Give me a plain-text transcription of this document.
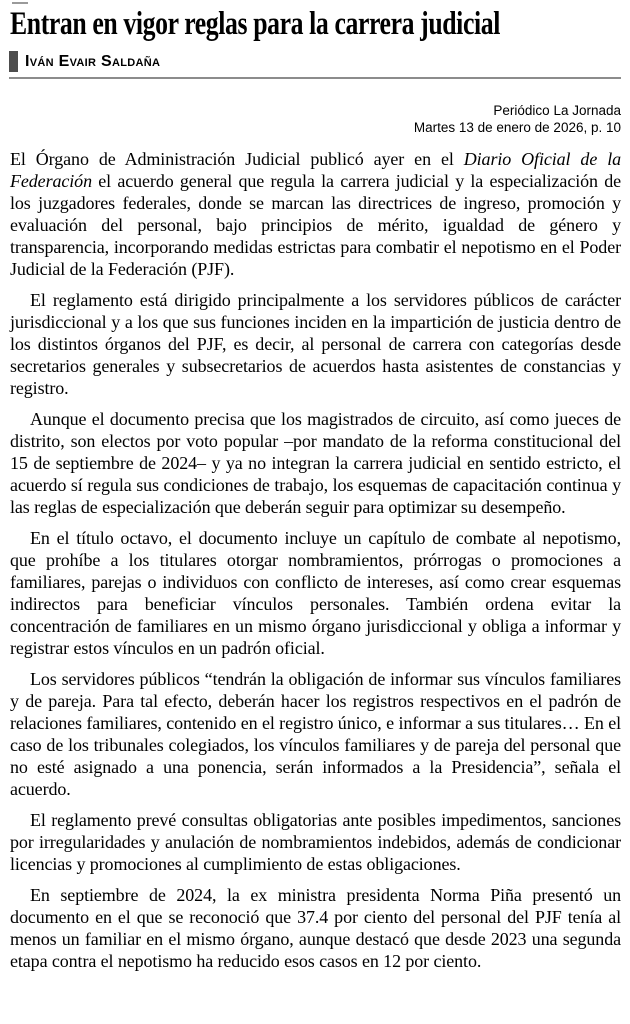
Entran en vigor reglas para la carrera judicial
Iván Evair Saldaña
Periódico La Jornada
Martes 13 de enero de 2026, p. 10

El Órgano de Administración Judicial publicó ayer en el Diario Oficial de la Federación el acuerdo general que regula la carrera judicial y la especialización de los juzgadores federales, donde se marcan las directrices de ingreso, promoción y evaluación del personal, bajo principios de mérito, igualdad de género y transparencia, incorporando medidas estrictas para combatir el nepotismo en el Poder Judicial de la Federación (PJF).

El reglamento está dirigido principalmente a los servidores públicos de carácter jurisdiccional y a los que sus funciones inciden en la impartición de justicia dentro de los distintos órganos del PJF, es decir, al personal de carrera con categorías desde secretarios generales y subsecretarios de acuerdos hasta asistentes de constancias y registro.

Aunque el documento precisa que los magistrados de circuito, así como jueces de distrito, son electos por voto popular –por mandato de la reforma constitucional del 15 de septiembre de 2024– y ya no integran la carrera judicial en sentido estricto, el acuerdo sí regula sus condiciones de trabajo, los esquemas de capacitación continua y las reglas de especialización que deberán seguir para optimizar su desempeño.

En el título octavo, el documento incluye un capítulo de combate al nepotismo, que prohíbe a los titulares otorgar nombramientos, prórrogas o promociones a familiares, parejas o individuos con conflicto de intereses, así como crear esquemas indirectos para beneficiar vínculos personales. También ordena evitar la concentración de familiares en un mismo órgano jurisdiccional y obliga a informar y registrar estos vínculos en un padrón oficial.

Los servidores públicos “tendrán la obligación de informar sus vínculos familiares y de pareja. Para tal efecto, deberán hacer los registros respectivos en el padrón de relaciones familiares, contenido en el registro único, e informar a sus titulares… En el caso de los tribunales colegiados, los vínculos familiares y de pareja del personal que no esté asignado a una ponencia, serán informados a la Presidencia”, señala el acuerdo.

El reglamento prevé consultas obligatorias ante posibles impedimentos, sanciones por irregularidades y anulación de nombramientos indebidos, además de condicionar licencias y promociones al cumplimiento de estas obligaciones.

En septiembre de 2024, la ex ministra presidenta Norma Piña presentó un documento en el que se reconoció que 37.4 por ciento del personal del PJF tenía al menos un familiar en el mismo órgano, aunque destacó que desde 2023 una segunda etapa contra el nepotismo ha reducido esos casos en 12 por ciento.
